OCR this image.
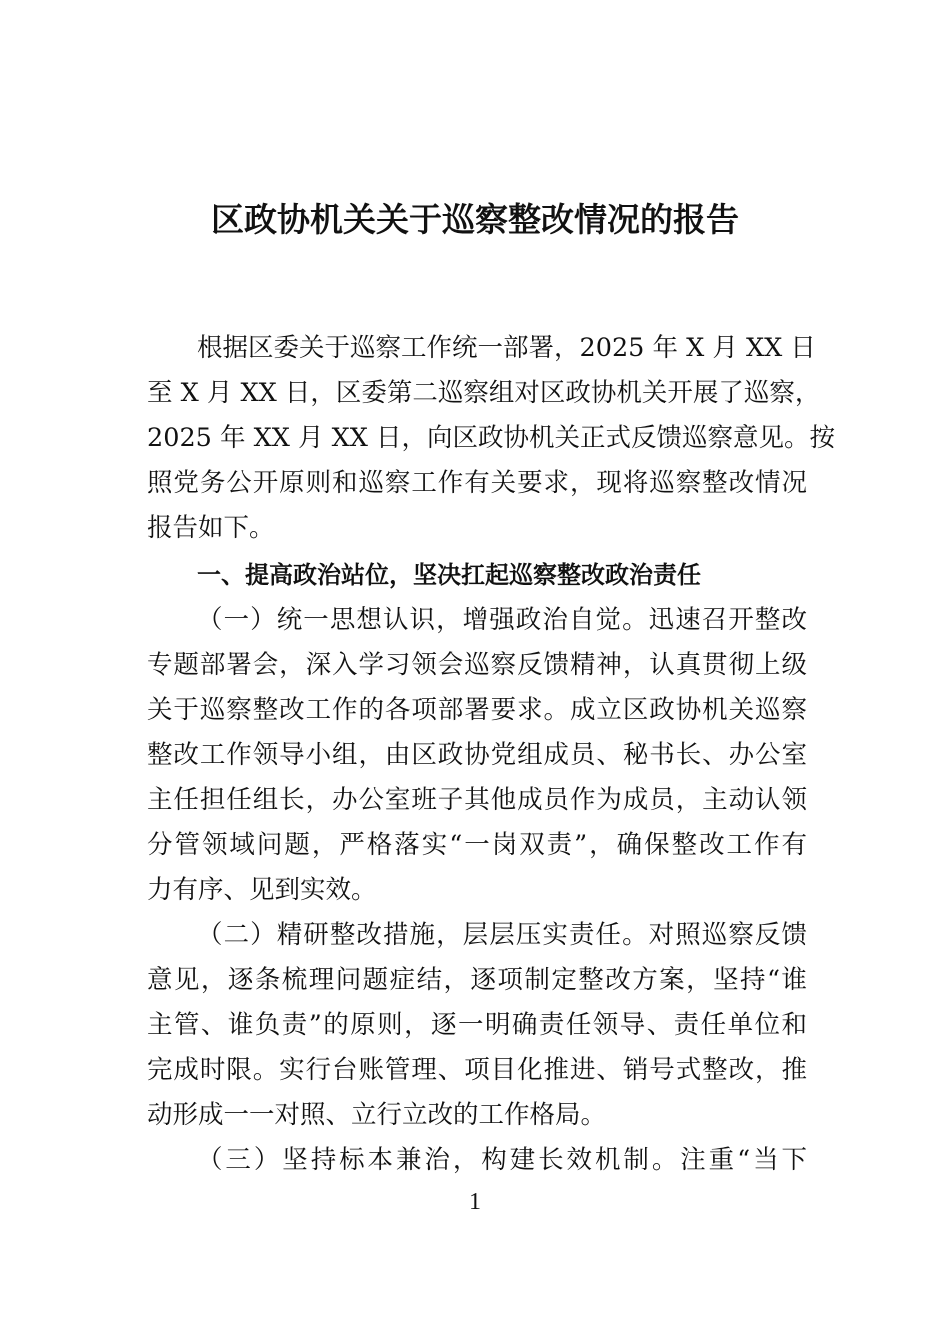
区政协机关关于巡察整改情况的报告
根据区委关于巡察工作统一部署，2025 年 X 月 XX 日
至 X 月 XX 日，区委第二巡察组对区政协机关开展了巡察，
2025 年 XX 月 XX 日，向区政协机关正式反馈巡察意见。按
照党务公开原则和巡察工作有关要求，现将巡察整改情况
报告如下。
一、提高政治站位，坚决扛起巡察整改政治责任
（一）统一思想认识，增强政治自觉。迅速召开整改
专题部署会，深入学习领会巡察反馈精神，认真贯彻上级
关于巡察整改工作的各项部署要求。成立区政协机关巡察
整改工作领导小组，由区政协党组成员、秘书长、办公室
主任担任组长，办公室班子其他成员作为成员，主动认领
分管领域问题，严格落实“一岗双责”，确保整改工作有
力有序、见到实效。
（二）精研整改措施，层层压实责任。对照巡察反馈
意见，逐条梳理问题症结，逐项制定整改方案，坚持“谁
主管、谁负责”的原则，逐一明确责任领导、责任单位和
完成时限。实行台账管理、项目化推进、销号式整改，推
动形成一一对照、立行立改的工作格局。
（三）坚持标本兼治，构建长效机制。注重“当下
1
